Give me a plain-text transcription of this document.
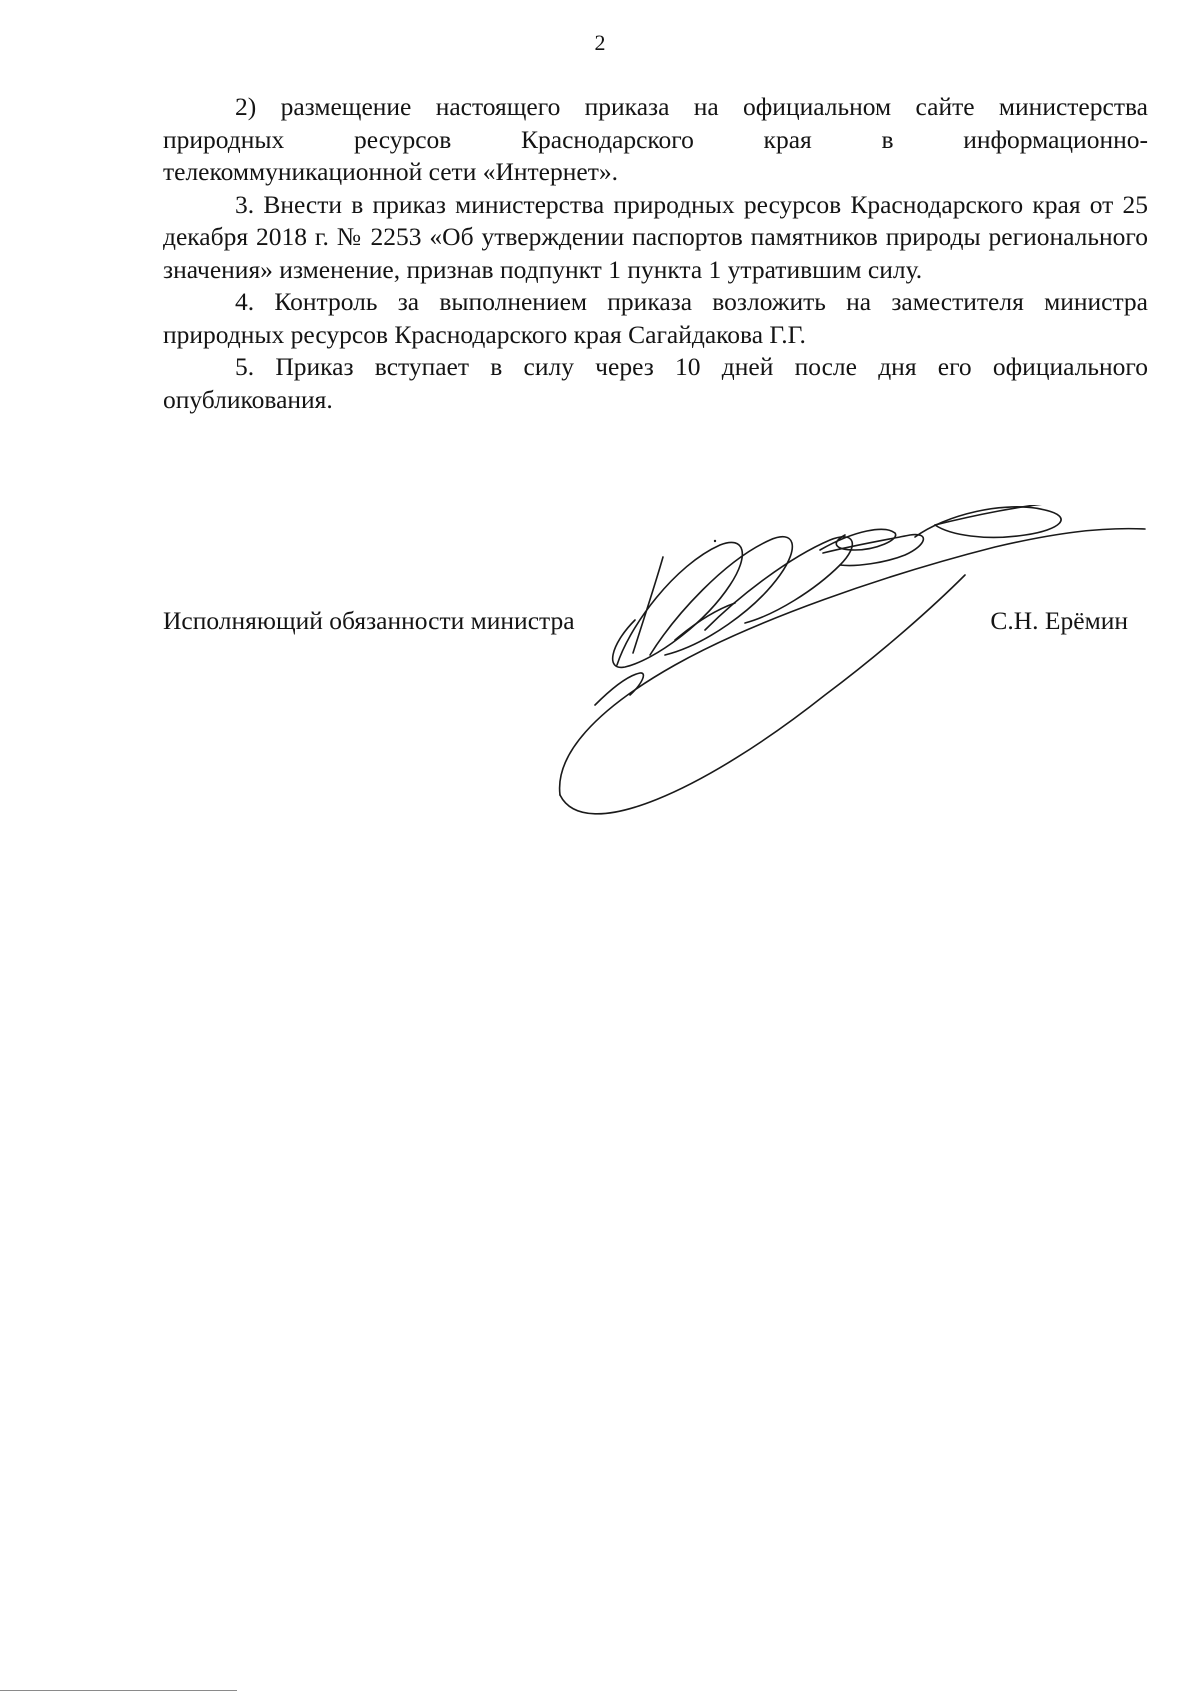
2

2) размещение настоящего приказа на официальном сайте министерства природных ресурсов Краснодарского края в информационно-

телекоммуникационной сети «Интернет».

3. Внести в приказ министерства природных ресурсов Краснодарского края от 25 декабря 2018 г. № 2253 «Об утверждении паспортов памятников природы регионального значения» изменение, признав подпункт 1 пункта 1 утратившим силу.

4. Контроль за выполнением приказа возложить на заместителя министра природных ресурсов Краснодарского края Сагайдакова Г.Г.

5. Приказ вступает в силу через 10 дней после дня его официального опубликования.

Исполняющий обязанности министра	С.Н. Ерёмин
